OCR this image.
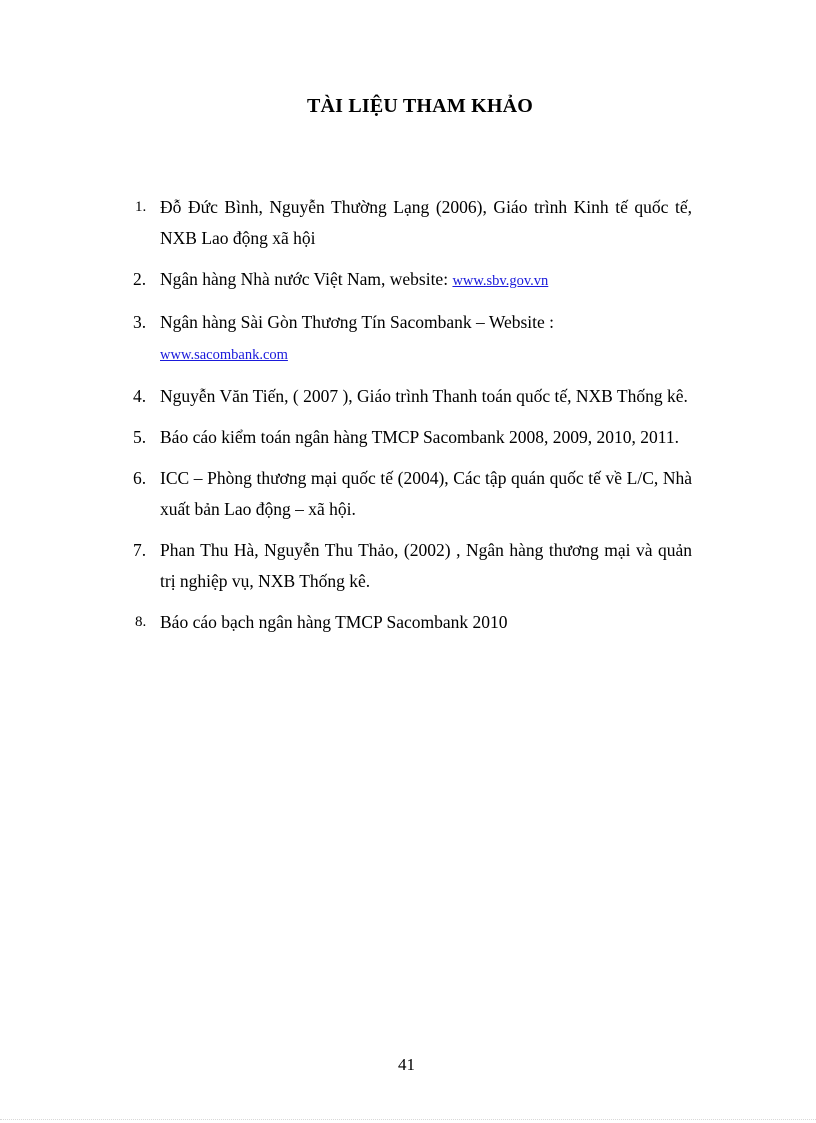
TÀI LIỆU THAM KHẢO
1. Đỗ Đức Bình, Nguyễn Thường Lạng (2006), Giáo trình Kinh tế quốc tế, NXB Lao động xã hội
2. Ngân hàng Nhà nước Việt Nam, website: www.sbv.gov.vn
3. Ngân hàng Sài Gòn Thương Tín Sacombank – Website :
www.sacombank.com
4. Nguyễn Văn Tiến, ( 2007 ), Giáo trình Thanh toán quốc tế, NXB Thống kê.
5. Báo cáo kiểm toán ngân hàng TMCP Sacombank 2008, 2009, 2010, 2011.
6. ICC – Phòng thương mại quốc tế (2004), Các tập quán quốc tế về L/C, Nhà xuất bản Lao động – xã hội.
7. Phan Thu Hà, Nguyễn Thu Thảo, (2002) , Ngân hàng thương mại và quản trị nghiệp vụ, NXB Thống kê.
8. Báo cáo bạch ngân hàng TMCP Sacombank 2010
41
